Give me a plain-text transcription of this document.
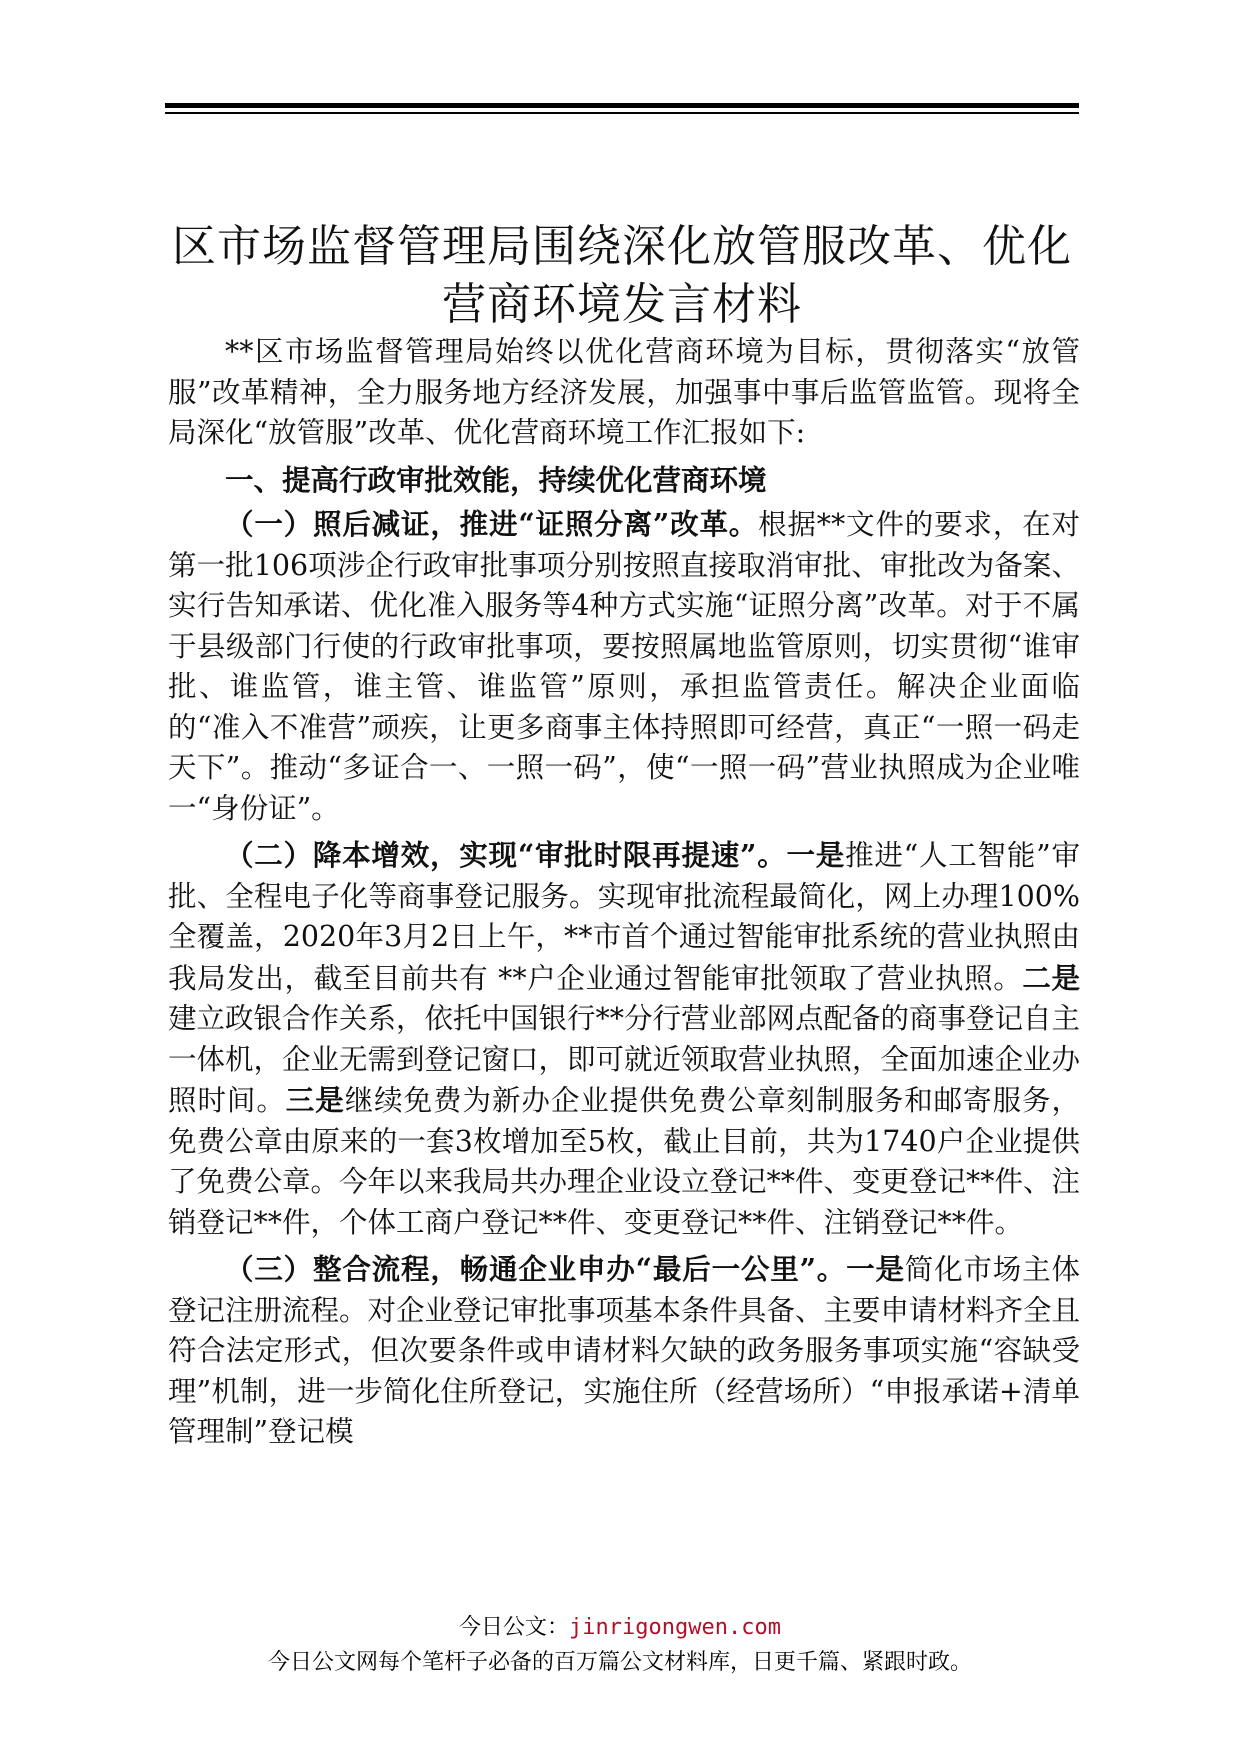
区市场监督管理局围绕深化放管服改革、优化营商环境发言材料

**区市场监督管理局始终以优化营商环境为目标，贯彻落实“放管服”改革精神，全力服务地方经济发展，加强事中事后监管监管。现将全局深化“放管服”改革、优化营商环境工作汇报如下:

一、提高行政审批效能，持续优化营商环境

（一）照后减证，推进“证照分离”改革。根据**文件的要求，在对第一批106项涉企行政审批事项分别按照直接取消审批、审批改为备案、实行告知承诺、优化准入服务等4种方式实施“证照分离”改革。对于不属于县级部门行使的行政审批事项，要按照属地监管原则，切实贯彻“谁审批、谁监管，谁主管、谁监管”原则，承担监管责任。解决企业面临的“准入不准营”顽疾，让更多商事主体持照即可经营，真正“一照一码走天下”。推动“多证合一、一照一码”，使“一照一码”营业执照成为企业唯一“身份证”。

（二）降本增效，实现“审批时限再提速”。一是推进“人工智能”审批、全程电子化等商事登记服务。实现审批流程最简化，网上办理100%全覆盖，2020年3月2日上午，**市首个通过智能审批系统的营业执照由我局发出，截至目前共有 **户企业通过智能审批领取了营业执照。二是建立政银合作关系，依托中国银行**分行营业部网点配备的商事登记自主一体机，企业无需到登记窗口，即可就近领取营业执照，全面加速企业办照时间。三是继续免费为新办企业提供免费公章刻制服务和邮寄服务，免费公章由原来的一套3枚增加至5枚，截止目前，共为1740户企业提供了免费公章。今年以来我局共办理企业设立登记**件、变更登记**件、注销登记**件，个体工商户登记**件、变更登记**件、注销登记**件。

（三）整合流程，畅通企业申办“最后一公里”。一是简化市场主体登记注册流程。对企业登记审批事项基本条件具备、主要申请材料齐全且符合法定形式，但次要条件或申请材料欠缺的政务服务事项实施“容缺受理”机制，进一步简化住所登记，实施住所（经营场所）“申报承诺+清单管理制”登记模

今日公文：jinrigongwen.com
今日公文网每个笔杆子必备的百万篇公文材料库，日更千篇、紧跟时政。
